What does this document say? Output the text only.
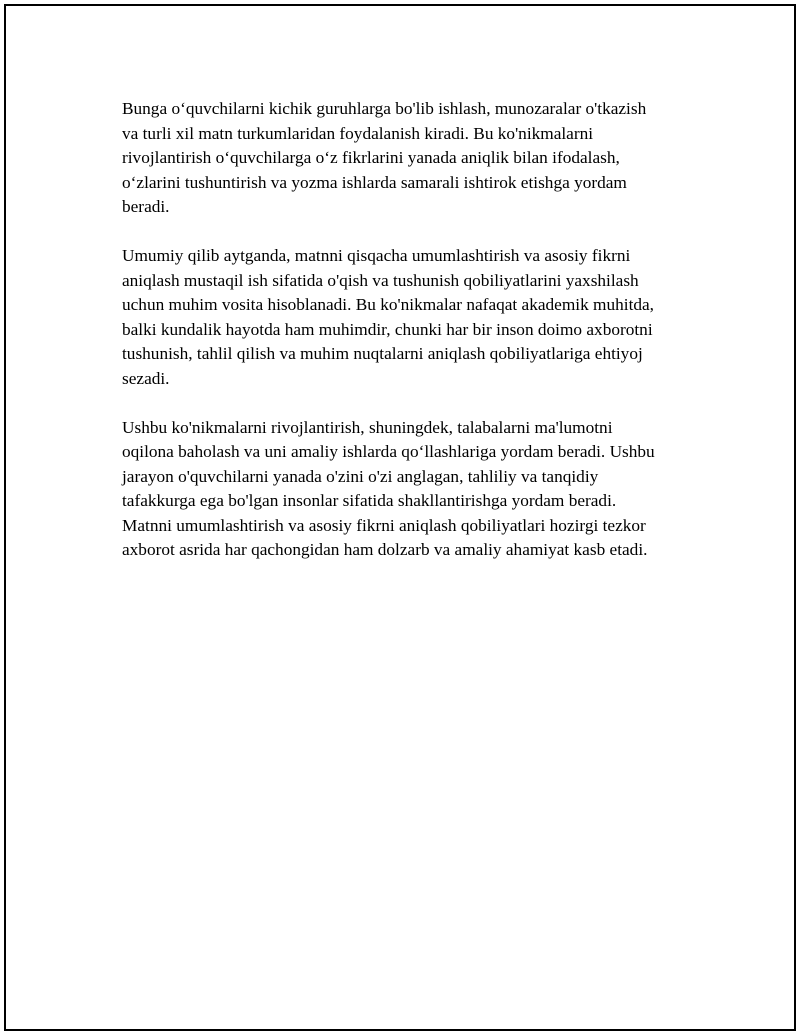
Bunga o‘quvchilarni kichik guruhlarga bo'lib ishlash, munozaralar o'tkazish
va turli xil matn turkumlaridan foydalanish kiradi. Bu ko'nikmalarni
rivojlantirish o‘quvchilarga o‘z fikrlarini yanada aniqlik bilan ifodalash,
o‘zlarini tushuntirish va yozma ishlarda samarali ishtirok etishga yordam
beradi.

Umumiy qilib aytganda, matnni qisqacha umumlashtirish va asosiy fikrni
aniqlash mustaqil ish sifatida o'qish va tushunish qobiliyatlarini yaxshilash
uchun muhim vosita hisoblanadi. Bu ko'nikmalar nafaqat akademik muhitda,
balki kundalik hayotda ham muhimdir, chunki har bir inson doimo axborotni
tushunish, tahlil qilish va muhim nuqtalarni aniqlash qobiliyatlariga ehtiyoj
sezadi.

Ushbu ko'nikmalarni rivojlantirish, shuningdek, talabalarni ma'lumotni
oqilona baholash va uni amaliy ishlarda qo‘llashlariga yordam beradi. Ushbu
jarayon o'quvchilarni yanada o'zini o'zi anglagan, tahliliy va tanqidiy
tafakkurga ega bo'lgan insonlar sifatida shakllantirishga yordam beradi.
Matnni umumlashtirish va asosiy fikrni aniqlash qobiliyatlari hozirgi tezkor
axborot asrida har qachongidan ham dolzarb va amaliy ahamiyat kasb etadi.
